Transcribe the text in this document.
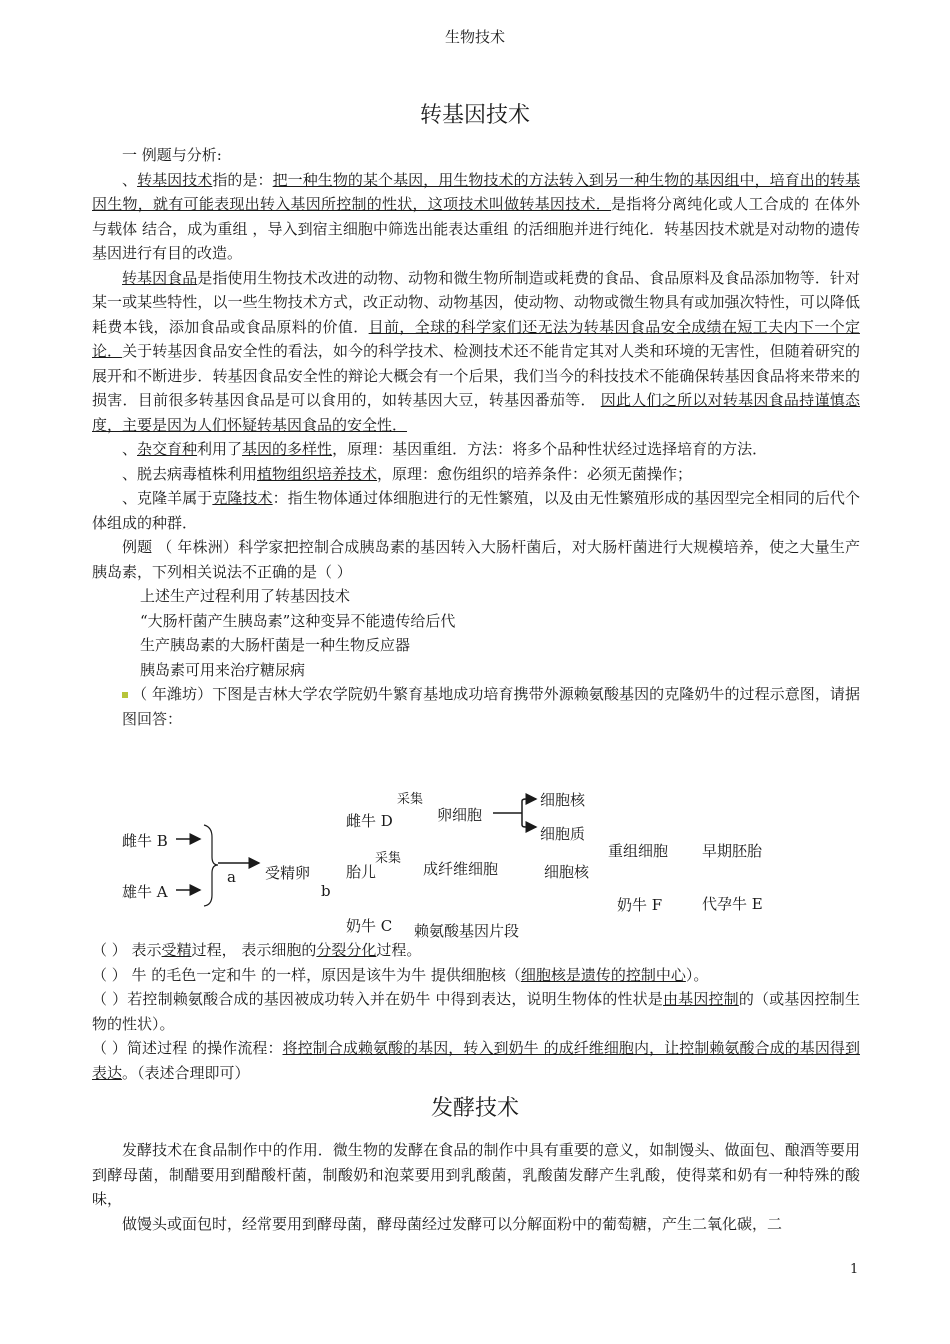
生物技术
转基因技术

一 例题与分析:

、转基因技术指的是：把一种生物的某个基因，用生物技术的方法转入到另一种生物的基因组中，培育出的转基因生物，就有可能表现出转入基因所控制的性状，这项技术叫做转基因技术．是指将分离纯化或人工合成的 在体外与载体 结合，成为重组 ，导入到宿主细胞中筛选出能表达重组 的活细胞并进行纯化．转基因技术就是对动物的遗传基因进行有目的改造。

转基因食品是指使用生物技术改进的动物、动物和微生物所制造或耗费的食品、食品原料及食品添加物等．针对某一或某些特性，以一些生物技术方式，改正动物、动物基因，使动物、动物或微生物具有或加强次特性，可以降低耗费本钱，添加食品或食品原料的价值．目前，全球的科学家们还无法为转基因食品安全成绩在短工夫内下一个定论．关于转基因食品安全性的看法，如今的科学技术、检测技术还不能肯定其对人类和环境的无害性，但随着研究的展开和不断进步．转基因食品安全性的辩论大概会有一个后果，我们当今的科技技术不能确保转基因食品将来带来的损害．目前很多转基因食品是可以食用的，如转基因大豆，转基因番茄等． 因此人们之所以对转基因食品持谨慎态度，主要是因为人们怀疑转基因食品的安全性．

、杂交育种利用了基因的多样性，原理：基因重组．方法：将多个品种性状经过选择培育的方法．

、脱去病毒植株利用植物组织培养技术，原理：愈伤组织的培养条件：必须无菌操作；

、克隆羊属于克隆技术：指生物体通过体细胞进行的无性繁殖，以及由无性繁殖形成的基因型完全相同的后代个体组成的种群．

例题 （ 年株洲）科学家把控制合成胰岛素的基因转入大肠杆菌后，对大肠杆菌进行大规模培养，使之大量生产胰岛素，下列相关说法不正确的是（ ）

上述生产过程利用了转基因技术

“大肠杆菌产生胰岛素”这种变异不能遗传给后代

生产胰岛素的大肠杆菌是一种生物反应器

胰岛素可用来治疗糖尿病

（ 年潍坊）下图是吉林大学农学院奶牛繁育基地成功培育携带外源赖氨酸基因的克隆奶牛的过程示意图，请据图回答：

雌牛 B
雄牛 A
a 受精卵
b
采集
雌牛 D	卵细胞
细胞核
细胞质
采集
胎儿	成纤维细胞	细胞核
重组细胞 早期胚胎
奶牛 C 赖氨酸基因片段
奶牛 F	代孕牛 E

（ ） 表示受精过程， 表示细胞的分裂分化过程。

（ ） 牛 的毛色一定和牛 的一样，原因是该牛为牛 提供细胞核（细胞核是遗传的控制中心）。

（ ）若控制赖氨酸合成的基因被成功转入并在奶牛 中得到表达，说明生物体的性状是由基因控制的（或基因控制生物的性状）。

（ ）简述过程 的操作流程：将控制合成赖氨酸的基因，转入到奶牛 的成纤维细胞内，让控制赖氨酸合成的基因得到表达。（表述合理即可）

发酵技术

发酵技术在食品制作中的作用．微生物的发酵在食品的制作中具有重要的意义，如制馒头、做面包、酿酒等要用到酵母菌，制醋要用到醋酸杆菌，制酸奶和泡菜要用到乳酸菌，乳酸菌发酵产生乳酸，使得菜和奶有一种特殊的酸味，

做馒头或面包时，经常要用到酵母菌，酵母菌经过发酵可以分解面粉中的葡萄糖，产生二氧化碳，二

1
